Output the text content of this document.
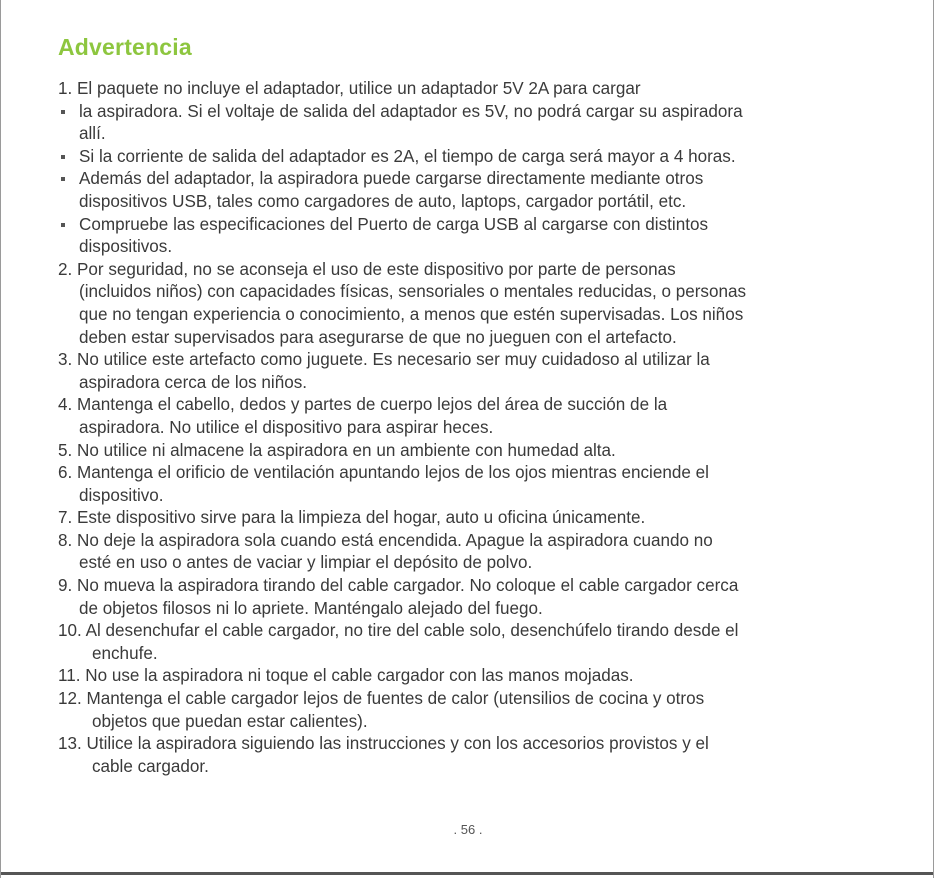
Advertencia
1. El paquete no incluye el adaptador, utilice un adaptador 5V 2A para cargar
la aspiradora. Si el voltaje de salida del adaptador es 5V, no podrá cargar su aspiradora
allí.
Si la corriente de salida del adaptador es 2A, el tiempo de carga será mayor a 4 horas.
Además del adaptador, la aspiradora puede cargarse directamente mediante otros
dispositivos USB, tales como cargadores de auto, laptops, cargador portátil, etc.
Compruebe las especificaciones del Puerto de carga USB al cargarse con distintos
dispositivos.
2. Por seguridad, no se aconseja el uso de este dispositivo por parte de personas
(incluidos niños) con capacidades físicas, sensoriales o mentales reducidas, o personas
que no tengan experiencia o conocimiento, a menos que estén supervisadas. Los niños
deben estar supervisados para asegurarse de que no jueguen con el artefacto.
3. No utilice este artefacto como juguete. Es necesario ser muy cuidadoso al utilizar la
aspiradora cerca de los niños.
4. Mantenga el cabello, dedos y partes de cuerpo lejos del área de succión de la
aspiradora. No utilice el dispositivo para aspirar heces.
5. No utilice ni almacene la aspiradora en un ambiente con humedad alta.
6. Mantenga el orificio de ventilación apuntando lejos de los ojos mientras enciende el
dispositivo.
7. Este dispositivo sirve para la limpieza del hogar, auto u oficina únicamente.
8. No deje la aspiradora sola cuando está encendida. Apague la aspiradora cuando no
esté en uso o antes de vaciar y limpiar el depósito de polvo.
9. No mueva la aspiradora tirando del cable cargador. No coloque el cable cargador cerca
de objetos filosos ni lo apriete. Manténgalo alejado del fuego.
10. Al desenchufar el cable cargador, no tire del cable solo, desenchúfelo tirando desde el
enchufe.
11. No use la aspiradora ni toque el cable cargador con las manos mojadas.
12. Mantenga el cable cargador lejos de fuentes de calor (utensilios de cocina y otros
objetos que puedan estar calientes).
13. Utilice la aspiradora siguiendo las instrucciones y con los accesorios provistos y el
cable cargador.
. 56 .
